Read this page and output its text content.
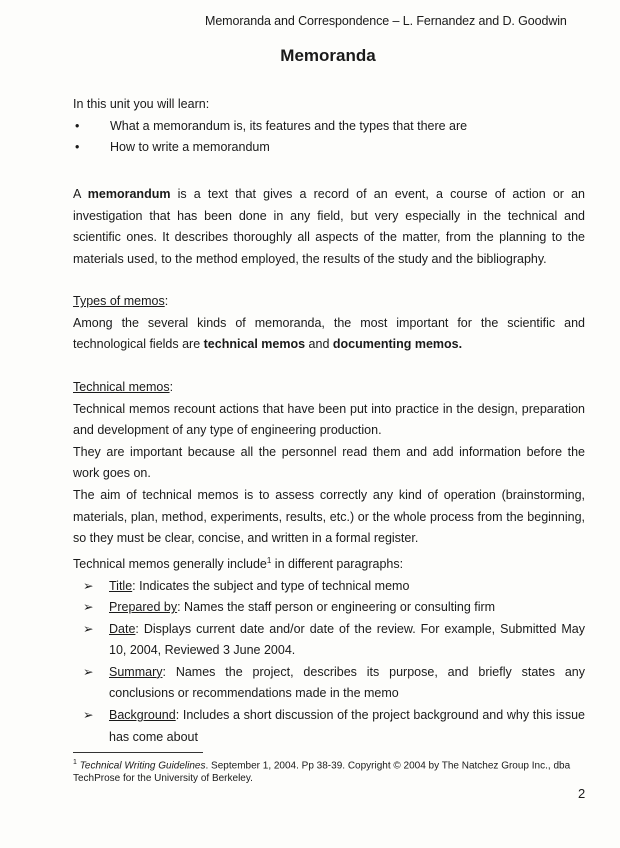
Memoranda and Correspondence – L. Fernandez and D. Goodwin
Memoranda

In this unit you will learn:

•	What a memorandum is, its features and the types that there are
•	How to write a memorandum

A memorandum is a text that gives a record of an event, a course of action or an investigation that has been done in any field, but very especially in the technical and scientific ones. It describes thoroughly all aspects of the matter, from the planning to the materials used, to the method employed, the results of the study and the bibliography.

Types of memos:

Among the several kinds of memoranda, the most important for the scientific and technological fields are technical memos and documenting memos.

Technical memos:

Technical memos recount actions that have been put into practice in the design, preparation and development of any type of engineering production.

They are important because all the personnel read them and add information before the work goes on.

The aim of technical memos is to assess correctly any kind of operation (brainstorming, materials, plan, method, experiments, results, etc.) or the whole process from the beginning, so they must be clear, concise, and written in a formal register.

Technical memos generally include$^1$ in different paragraphs:

➢	Title: Indicates the subject and type of technical memo
➢	Prepared by: Names the staff person or engineering or consulting firm
➢	Date: Displays current date and/or date of the review. For example, Submitted May 10, 2004, Reviewed 3 June 2004.
➢	Summary: Names the project, describes its purpose, and briefly states any conclusions or recommendations made in the memo
➢	Background: Includes a short discussion of the project background and why this issue has come about
$^1$ Technical Writing Guidelines. September 1, 2004. Pp 38-39. Copyright © 2004 by The Natchez Group Inc., dba TechProse for the University of Berkeley.
2
